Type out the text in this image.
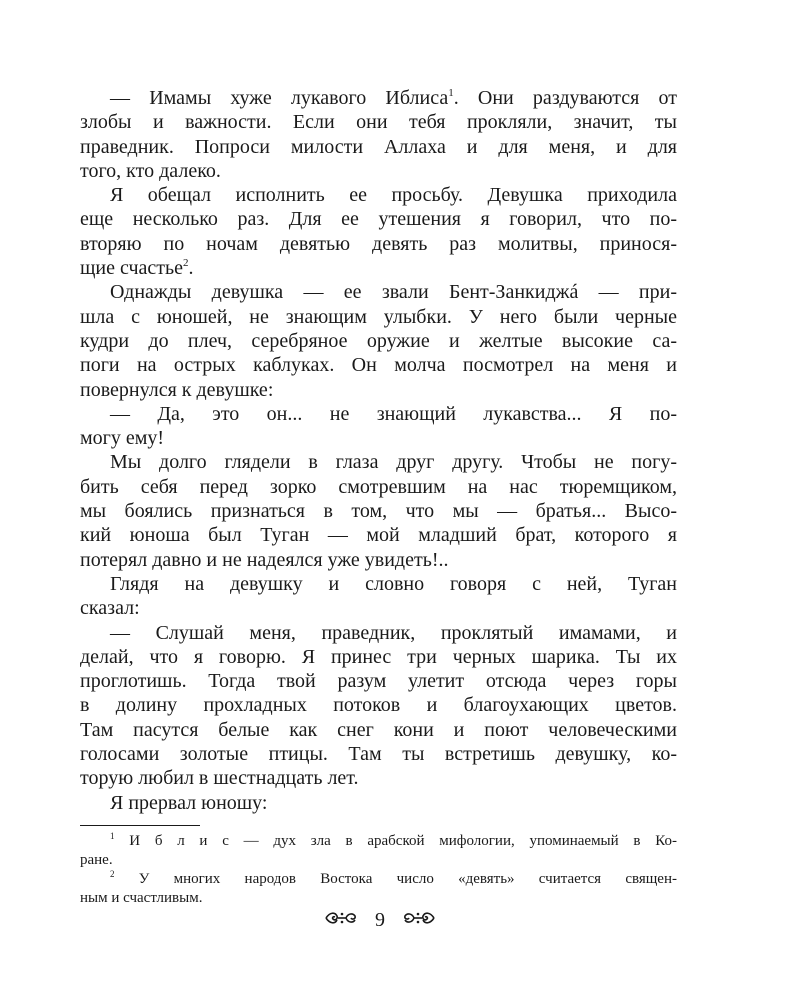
— Имамы хуже лукавого Иблиса$^1$. Они раздуваются от
злобы и важности. Если они тебя прокляли, значит, ты
праведник. Попроси милости Аллаха и для меня, и для
того, кто далеко.
Я обещал исполнить ее просьбу. Девушка приходила
еще несколько раз. Для ее утешения я говорил, что по-
вторяю по ночам девятью девять раз молитвы, принося-
щие счастье$^2$.
Однажды девушка — ее звали Бент-Занкиджá — при-
шла с юношей, не знающим улыбки. У него были черные
кудри до плеч, серебряное оружие и желтые высокие са-
поги на острых каблуках. Он молча посмотрел на меня и
повернулся к девушке:
— Да, это он... не знающий лукавства... Я по-
могу ему!
Мы долго глядели в глаза друг другу. Чтобы не погу-
бить себя перед зорко смотревшим на нас тюремщиком,
мы боялись признаться в том, что мы — братья... Высо-
кий юноша был Туган — мой младший брат, которого я
потерял давно и не надеялся уже увидеть!..
Глядя на девушку и словно говоря с ней, Туган
сказал:
— Слушай меня, праведник, проклятый имамами, и
делай, что я говорю. Я принес три черных шарика. Ты их
проглотишь. Тогда твой разум улетит отсюда через горы
в долину прохладных потоков и благоухающих цветов.
Там пасутся белые как снег кони и поют человеческими
голосами золотые птицы. Там ты встретишь девушку, ко-
торую любил в шестнадцать лет.
Я прервал юношу:
$^1$ И б л и с — дух зла в арабской мифологии, упоминаемый в Ко-
ране.
$^2$ У многих народов Востока число «девять» считается священ-
ным и счастливым.
9
